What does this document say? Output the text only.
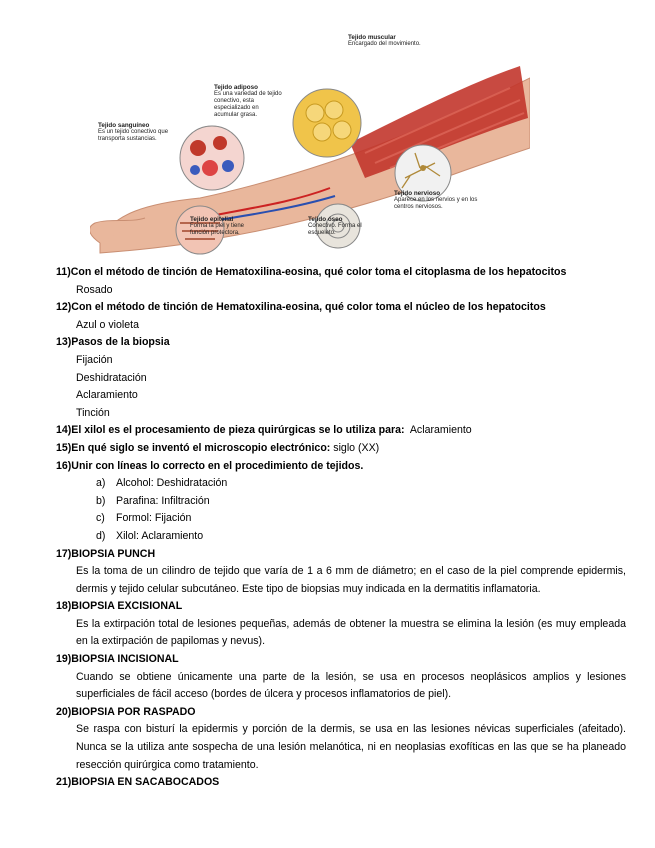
Tejido muscular
Encargado del movimiento.
Tejido adiposo
Es una variedad de tejido conectivo, esta especializado en acumular grasa.
Tejido sanguíneo
Es un tejido conectivo que transporta sustancias.
Tejido nervioso
Aparece en los nervios y en los centros nerviosos.
Tejido epitelial
Forma la piel y tiene función protectora.
Tejido óseo
Conectivo. Forma el esqueleto.
11)Con el método de tinción de Hematoxilina-eosina, qué color toma el citoplasma de los hepatocitos
Rosado
12)Con el método de tinción de Hematoxilina-eosina, qué color toma el núcleo de los hepatocitos
Azul o violeta
13)Pasos de la biopsia
Fijación
Deshidratación
Aclaramiento
Tinción
14)El xilol es el procesamiento de pieza quirúrgicas se lo utiliza para: Aclaramiento
15)En qué siglo se inventó el microscopio electrónico: siglo (XX)
16)Unir con líneas lo correcto en el procedimiento de tejidos.
a) Alcohol: Deshidratación
b) Parafina: Infiltración
c) Formol: Fijación
d) Xilol: Aclaramiento
17)BIOPSIA PUNCH
Es la toma de un cilindro de tejido que varía de 1 a 6 mm de diámetro; en el caso de la piel comprende epidermis, dermis y tejido celular subcutáneo. Este tipo de biopsias muy indicada en la dermatitis inflamatoria.
18)BIOPSIA EXCISIONAL
Es la extirpación total de lesiones pequeñas, además de obtener la muestra se elimina la lesión (es muy empleada en la extirpación de papilomas y nevus).
19)BIOPSIA INCISIONAL
Cuando se obtiene únicamente una parte de la lesión, se usa en procesos neoplásicos amplios y lesiones superficiales de fácil acceso (bordes de úlcera y procesos inflamatorios de piel).
20)BIOPSIA POR RASPADO
Se raspa con bisturí la epidermis y porción de la dermis, se usa en las lesiones névicas superficiales (afeitado). Nunca se la utiliza ante sospecha de una lesión melanótica, ni en neoplasias exofíticas en las que se ha planeado resección quirúrgica como tratamiento.
21)BIOPSIA EN SACABOCADOS
